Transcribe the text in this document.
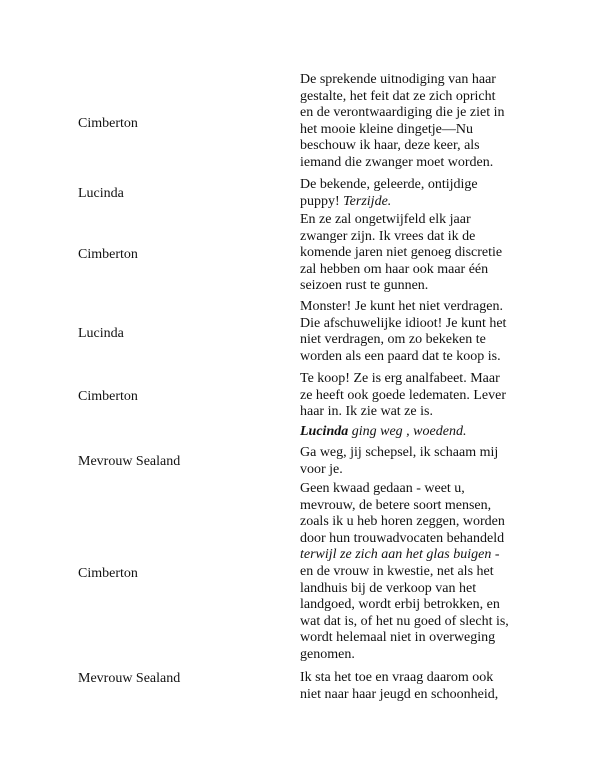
Cimberton
De sprekende uitnodiging van haar
gestalte, het feit dat ze zich opricht
en de verontwaardiging die je ziet in
het mooie kleine dingetje—Nu
beschouw ik haar, deze keer, als
iemand die zwanger moet worden.
Lucinda
De bekende, geleerde, ontijdige
puppy! Terzijde.
Cimberton
En ze zal ongetwijfeld elk jaar
zwanger zijn. Ik vrees dat ik de
komende jaren niet genoeg discretie
zal hebben om haar ook maar één
seizoen rust te gunnen.
Lucinda
Monster! Je kunt het niet verdragen.
Die afschuwelijke idioot! Je kunt het
niet verdragen, om zo bekeken te
worden als een paard dat te koop is.
Cimberton
Te koop! Ze is erg analfabeet. Maar
ze heeft ook goede ledematen. Lever
haar in. Ik zie wat ze is.
Lucinda ging weg , woedend.
Mevrouw Sealand
Ga weg, jij schepsel, ik schaam mij
voor je.
Cimberton
Geen kwaad gedaan - weet u,
mevrouw, de betere soort mensen,
zoals ik u heb horen zeggen, worden
door hun trouwadvocaten behandeld
terwijl ze zich aan het glas buigen -
en de vrouw in kwestie, net als het
landhuis bij de verkoop van het
landgoed, wordt erbij betrokken, en
wat dat is, of het nu goed of slecht is,
wordt helemaal niet in overweging
genomen.
Mevrouw Sealand	Ik sta het toe en vraag daarom ook
niet naar haar jeugd en schoonheid,
